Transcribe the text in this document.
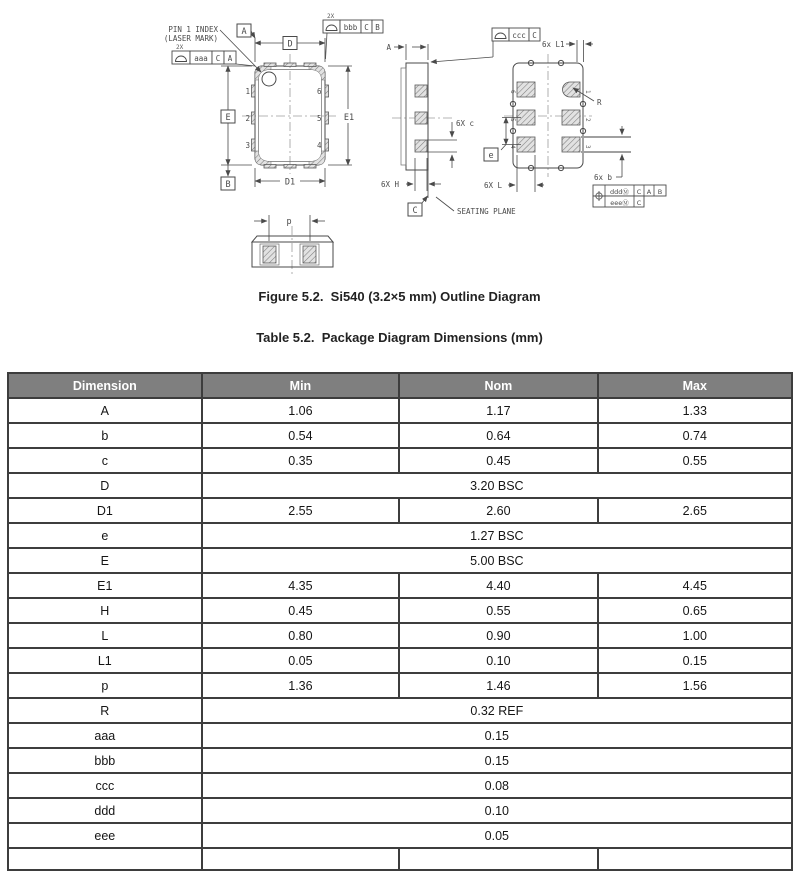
1
2
3
6
5
4
D
A
E
B
E1
D1
PIN 1 INDEX
(LASER MARK)
2X
aaa C A
2X
bbb C B
A
ccc C
6X c
6X H
C	SEATING PLANE
6
5
4
1
2
3
6x L1
R
e
6X L
6x b
dddⓂ C A B
eeeⓂ C
p
Figure 5.2.  Si540 (3.2×5 mm) Outline Diagram
Table 5.2.  Package Diagram Dimensions (mm)
Dimension	Min	Nom	Max
A	1.06	1.17	1.33
b	0.54	0.64	0.74
c	0.35	0.45	0.55
D	3.20 BSC		
D1	2.55	2.60	2.65
e	1.27 BSC		
E	5.00 BSC		
E1	4.35	4.40	4.45
H	0.45	0.55	0.65
L	0.80	0.90	1.00
L1	0.05	0.10	0.15
p	1.36	1.46	1.56
R	0.32 REF		
aaa	0.15		
bbb	0.15		
ccc	0.08		
ddd	0.10		
eee	0.05		
